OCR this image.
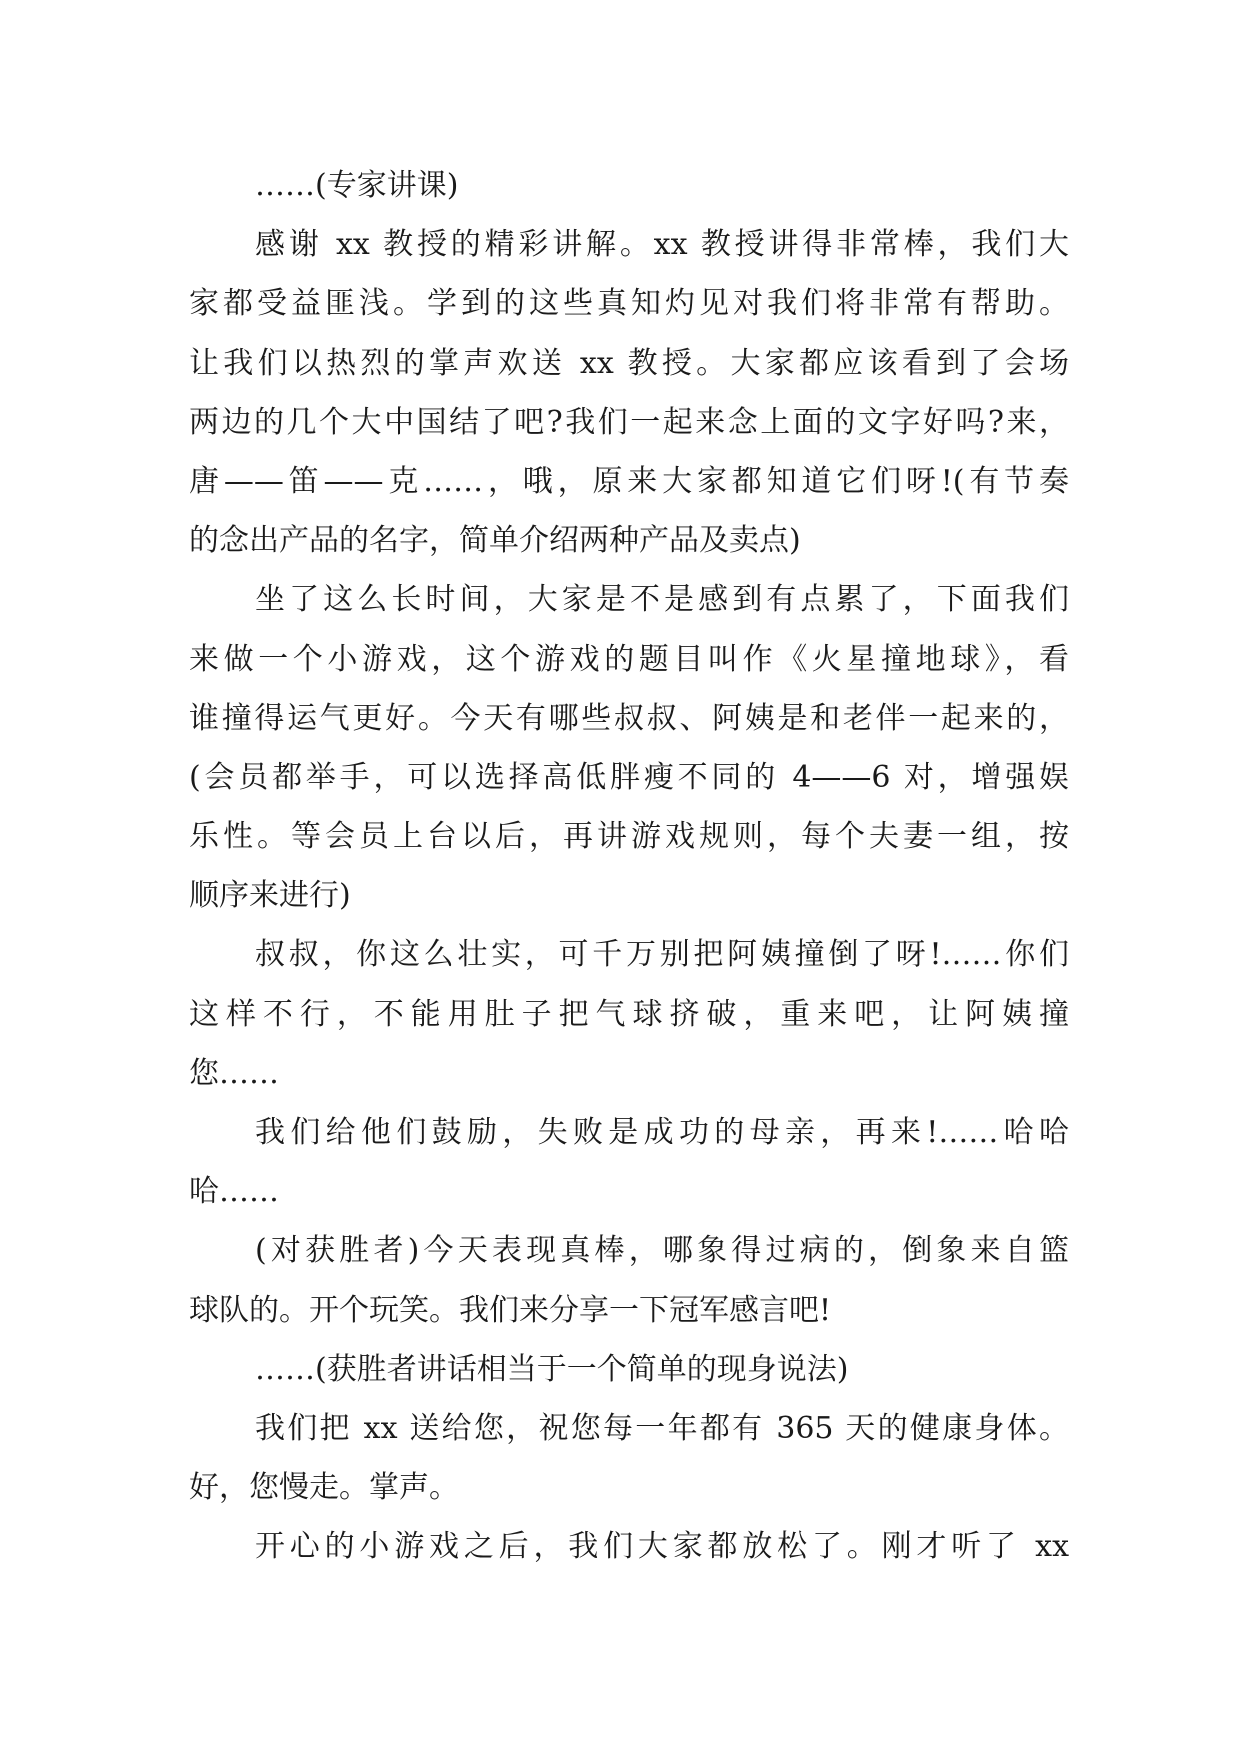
……(专家讲课)
感谢 xx 教授的精彩讲解。xx 教授讲得非常棒，我们大
家都受益匪浅。学到的这些真知灼见对我们将非常有帮助。
让我们以热烈的掌声欢送 xx 教授。大家都应该看到了会场
两边的几个大中国结了吧?我们一起来念上面的文字好吗?来，
唐——笛——克……，哦，原来大家都知道它们呀!(有节奏
的念出产品的名字，简单介绍两种产品及卖点)
坐了这么长时间，大家是不是感到有点累了，下面我们
来做一个小游戏，这个游戏的题目叫作《火星撞地球》，看
谁撞得运气更好。今天有哪些叔叔、阿姨是和老伴一起来的，
(会员都举手，可以选择高低胖瘦不同的 4——6 对，增强娱
乐性。等会员上台以后，再讲游戏规则，每个夫妻一组，按
顺序来进行)
叔叔，你这么壮实，可千万别把阿姨撞倒了呀!……你们
这样不行，不能用肚子把气球挤破，重来吧，让阿姨撞
您……
我们给他们鼓励，失败是成功的母亲，再来!……哈哈
哈……
(对获胜者)今天表现真棒，哪象得过病的，倒象来自篮
球队的。开个玩笑。我们来分享一下冠军感言吧!
……(获胜者讲话相当于一个简单的现身说法)
我们把 xx 送给您，祝您每一年都有 365 天的健康身体。
好，您慢走。掌声。
开心的小游戏之后，我们大家都放松了。刚才听了 xx
